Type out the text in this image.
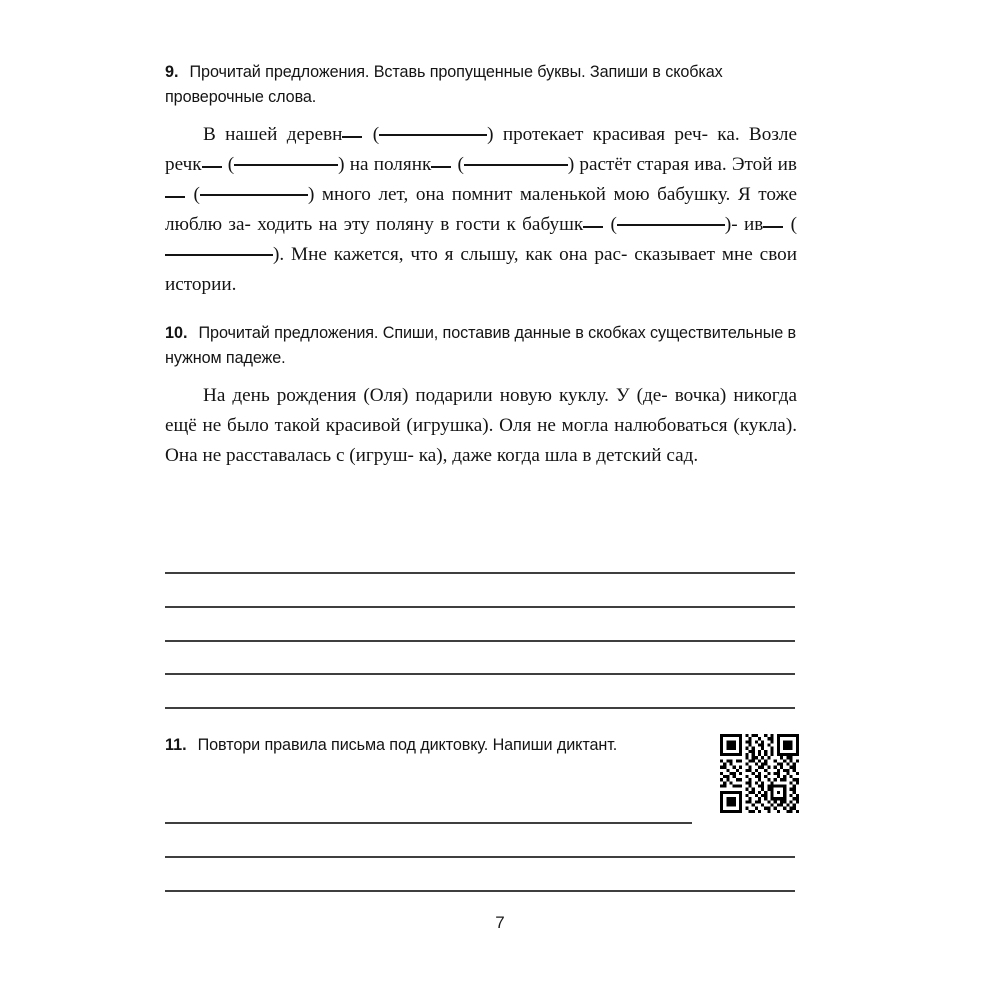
9. Прочитай предложения. Вставь пропущенные буквы. Запиши в скобках проверочные слова.
В нашей деревн (	) протекает красивая реч- ка. Возле речк (	) на полянк (	) растёт старая ива. Этой ив (	) много лет, она помнит маленькой мою бабушку. Я тоже люблю за- ходить на эту поляну в гости к бабушк (	)- ив (). Мне кажется, что я слышу, как она рас- сказывает мне свои истории.
10. Прочитай предложения. Спиши, поставив данные в скобках существительные в нужном падеже.
На день рождения (Оля) подарили новую куклу. У (де- вочка) никогда ещё не было такой красивой (игрушка). Оля не могла налюбоваться (кукла). Она не расставалась с (игруш- ка), даже когда шла в детский сад.
11. Повтори правила письма под диктовку. Напиши диктант.
7
